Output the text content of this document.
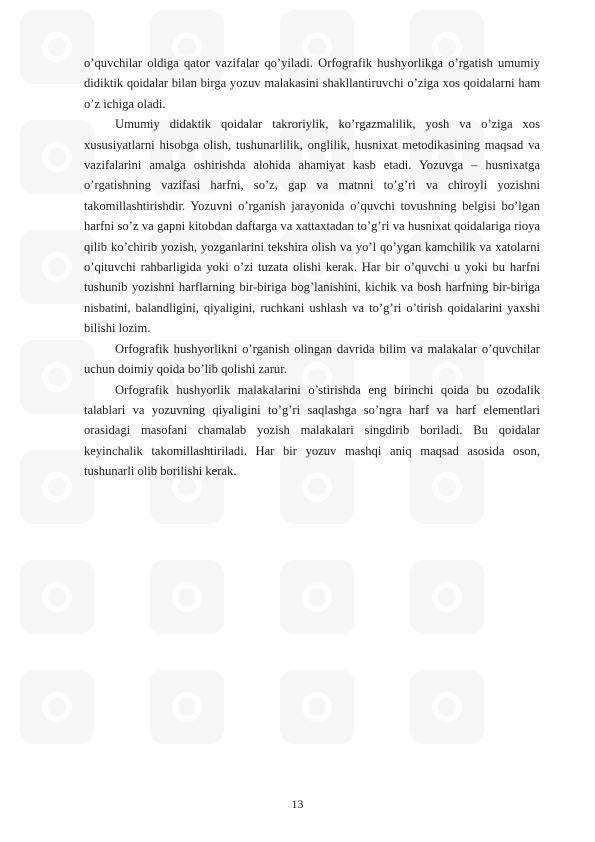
o’quvchilar oldiga qator vazifalar qo’yiladi. Orfografik hushyorlikga o’rgatish umumiy didiktik qoidalar bilan birga yozuv malakasini shakllantiruvchi o’ziga xos qoidalarni ham o’z ichiga oladi.

Umumiy didaktik qoidalar takroriylik, ko’rgazmalilik, yosh va o’ziga xos xususiyatlarni hisobga olish, tushunarlilik, onglilik, husnixat metodikasining maqsad va vazifalarini amalga oshirishda alohida ahamiyat kasb etadi. Yozuvga – husnixatga o’rgatishning vazifasi harfni, so’z, gap va matnni to’g’ri va chiroyli yozishni takomillashtirishdir. Yozuvni o’rganish jarayonida o’quvchi tovushning belgisi bo’lgan harfni so’z va gapni kitobdan daftarga va xattaxtadan to’g’ri va husnixat qoidalariga rioya qilib ko’chirib yozish, yozganlarini tekshira olish va yo’l qo’ygan kamchilik va xatolarni o’qituvchi rahbarligida yoki o’zi tuzata olishi kerak. Har bir o’quvchi u yoki bu harfni tushunib yozishni harflarning bir-biriga bog’lanishini, kichik va bosh harfning bir-biriga nisbatini, balandligini, qiyaligini, ruchkani ushlash va to’g’ri o’tirish qoidalarini yaxshi bilishi lozim.

Orfografik hushyorlikni o’rganish olingan davrida bilim va malakalar o’quvchilar uchun doimiy qoida bo’lib qolishi zarur.

Orfografik hushyorlik malakalarini o’stirishda eng birinchi qoida bu ozodalik talablari va yozuvning qiyaligini to’g’ri saqlashga so’ngra harf va harf elementlari orasidagi masofani chamalab yozish malakalari singdirib boriladi. Bu qoidalar keyinchalik takomillashtiriladi. Har bir yozuv mashqi aniq maqsad asosida oson, tushunarli olib borilishi kerak.

13
